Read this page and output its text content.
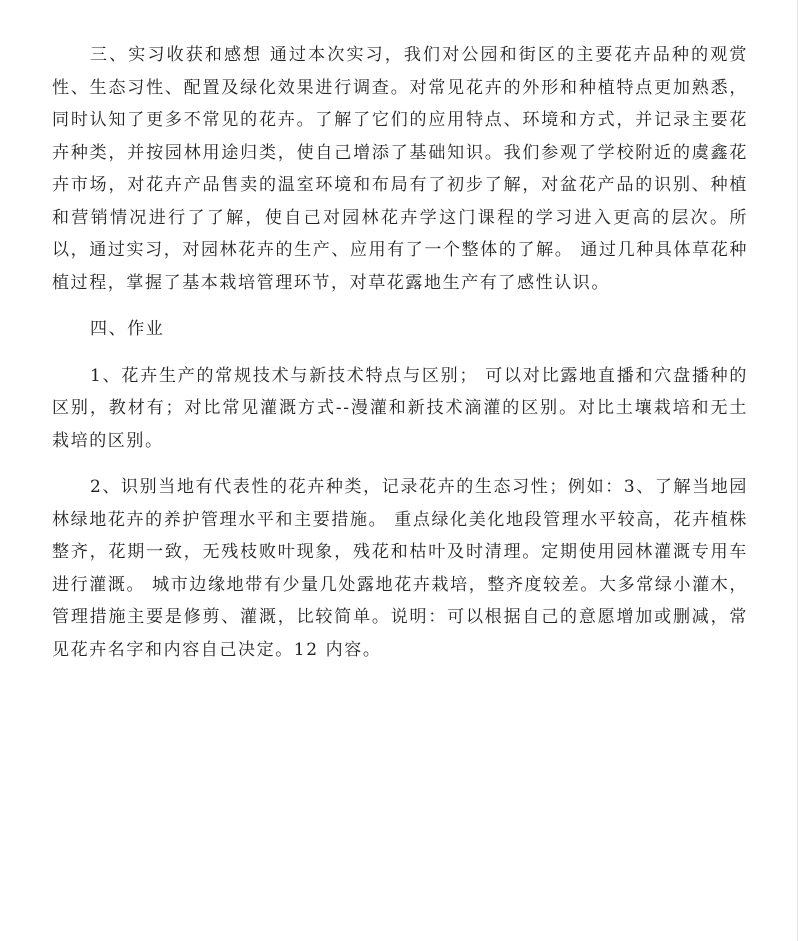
三、实习收获和感想 通过本次实习，我们对公园和街区的主要花卉品种的观赏性、生态习性、配置及绿化效果进行调查。对常见花卉的外形和种植特点更加熟悉，同时认知了更多不常见的花卉。了解了它们的应用特点、环境和方式，并记录主要花卉种类，并按园林用途归类，使自己增添了基础知识。我们参观了学校附近的虞鑫花卉市场，对花卉产品售卖的温室环境和布局有了初步了解，对盆花产品的识别、种植和营销情况进行了了解，使自己对园林花卉学这门课程的学习进入更高的层次。所以，通过实习，对园林花卉的生产、应用有了一个整体的了解。 通过几种具体草花种植过程，掌握了基本栽培管理环节，对草花露地生产有了感性认识。

四、作业

1、花卉生产的常规技术与新技术特点与区别； 可以对比露地直播和穴盘播种的区别，教材有；对比常见灌溉方式--漫灌和新技术滴灌的区别。对比土壤栽培和无土栽培的区别。

2、识别当地有代表性的花卉种类，记录花卉的生态习性；例如：3、了解当地园林绿地花卉的养护管理水平和主要措施。 重点绿化美化地段管理水平较高，花卉植株整齐，花期一致，无残枝败叶现象，残花和枯叶及时清理。定期使用园林灌溉专用车进行灌溉。 城市边缘地带有少量几处露地花卉栽培，整齐度较差。大多常绿小灌木，管理措施主要是修剪、灌溉，比较简单。说明：可以根据自己的意愿增加或删减，常见花卉名字和内容自己决定。12 内容。
